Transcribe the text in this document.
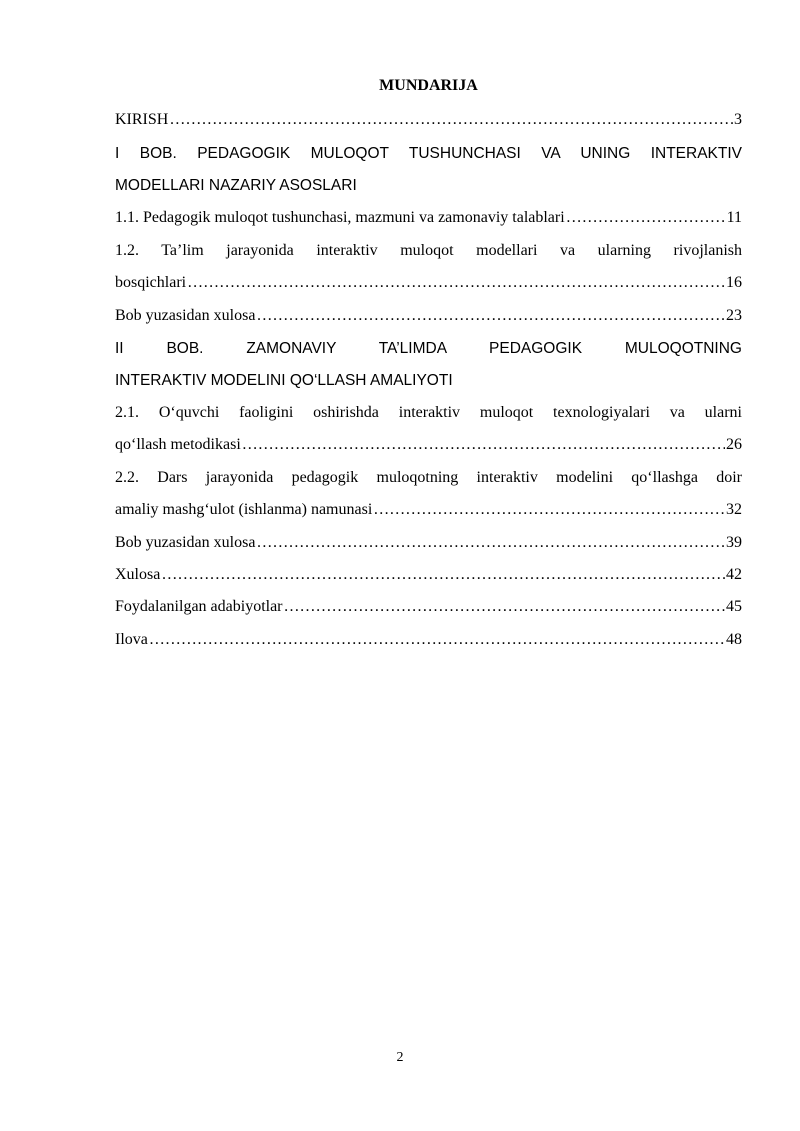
MUNDARIJA
KIRISH ………………………………………………………………………………………………………………………………………………………………	3
I BOB. PEDAGOGIK MULOQOT TUSHUNCHASI VA UNING INTERAKTIV
MODELLARI NAZARIY ASOSLARI
1.1. Pedagogik muloqot tushunchasi, mazmuni va zamonaviy talablari ………………………………………………………………………………………………………………………………………………………………	11
1.2. Ta’lim jarayonida interaktiv muloqot modellari va ularning rivojlanish
bosqichlari ………………………………………………………………………………………………………………………………………………………………	16
Bob yuzasidan xulosa ………………………………………………………………………………………………………………………………………………………………	23
II BOB. ZAMONAVIY TA’LIMDA PEDAGOGIK MULOQOTNING
INTERAKTIV MODELINI QO‘LLASH AMALIYOTI
2.1. O‘quvchi faoligini oshirishda interaktiv muloqot texnologiyalari va ularni
qo‘llash metodikasi ………………………………………………………………………………………………………………………………………………………………	26
2.2. Dars jarayonida pedagogik muloqotning interaktiv modelini qo‘llashga doir
amaliy mashg‘ulot (ishlanma) namunasi ………………………………………………………………………………………………………………………………………………………………	32
Bob yuzasidan xulosa ………………………………………………………………………………………………………………………………………………………………	39
Xulosa ………………………………………………………………………………………………………………………………………………………………	42
Foydalanilgan adabiyotlar ………………………………………………………………………………………………………………………………………………………………	45
Ilova ………………………………………………………………………………………………………………………………………………………………	48
2
